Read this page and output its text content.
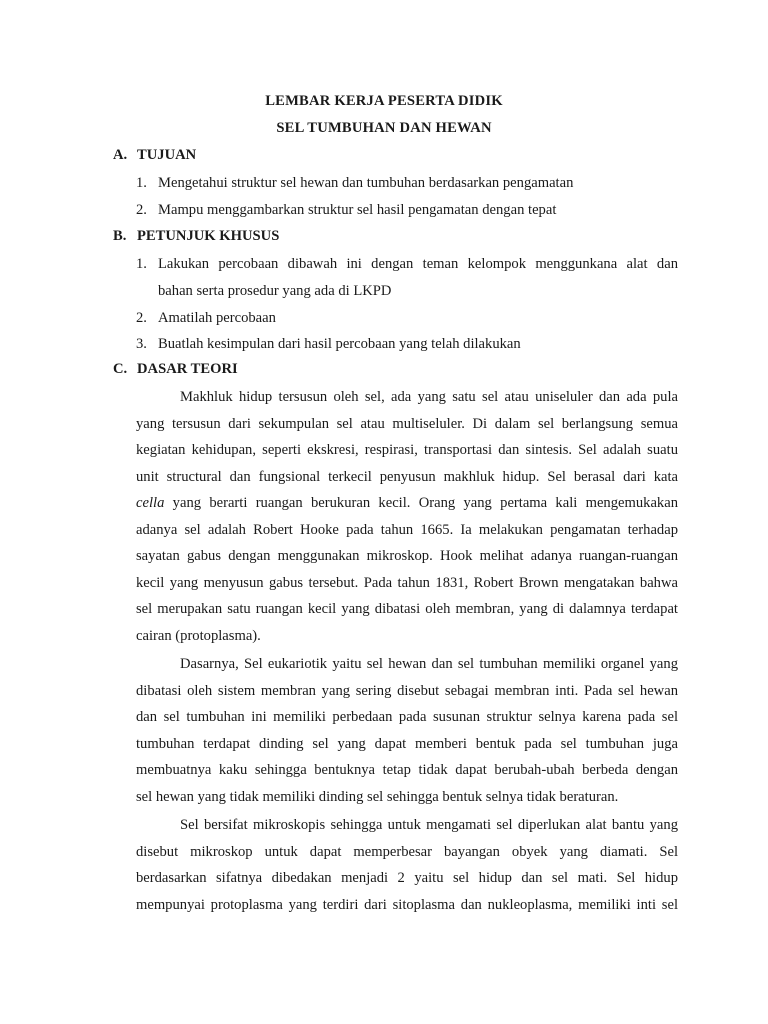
LEMBAR KERJA PESERTA DIDIK
SEL TUMBUHAN DAN HEWAN
A. TUJUAN
1. Mengetahui struktur sel hewan dan tumbuhan berdasarkan pengamatan
2. Mampu menggambarkan struktur sel hasil pengamatan dengan tepat
B. PETUNJUK KHUSUS
1. Lakukan percobaan dibawah ini dengan teman kelompok menggunkana alat dan
bahan serta prosedur yang ada di LKPD
2. Amatilah percobaan
3. Buatlah kesimpulan dari hasil percobaan yang telah dilakukan
C. DASAR TEORI
Makhluk hidup tersusun oleh sel, ada yang satu sel atau uniseluler dan ada pula
yang tersusun dari sekumpulan sel atau multiseluler. Di dalam sel berlangsung semua
kegiatan kehidupan, seperti ekskresi, respirasi, transportasi dan sintesis. Sel adalah suatu
unit structural dan fungsional terkecil penyusun makhluk hidup. Sel berasal dari kata
cella yang berarti ruangan berukuran kecil. Orang yang pertama kali mengemukakan
adanya sel adalah Robert Hooke pada tahun 1665. Ia melakukan pengamatan terhadap
sayatan gabus dengan menggunakan mikroskop. Hook melihat adanya ruangan-ruangan
kecil yang menyusun gabus tersebut. Pada tahun 1831, Robert Brown mengatakan bahwa
sel merupakan satu ruangan kecil yang dibatasi oleh membran, yang di dalamnya terdapat
cairan (protoplasma).
Dasarnya, Sel eukariotik yaitu sel hewan dan sel tumbuhan memiliki organel yang
dibatasi oleh sistem membran yang sering disebut sebagai membran inti. Pada sel hewan
dan sel tumbuhan ini memiliki perbedaan pada susunan struktur selnya karena pada sel
tumbuhan terdapat dinding sel yang dapat memberi bentuk pada sel tumbuhan juga
membuatnya kaku sehingga bentuknya tetap tidak dapat berubah-ubah berbeda dengan
sel hewan yang tidak memiliki dinding sel sehingga bentuk selnya tidak beraturan.
Sel bersifat mikroskopis sehingga untuk mengamati sel diperlukan alat bantu yang
disebut mikroskop untuk dapat memperbesar bayangan obyek yang diamati. Sel
berdasarkan sifatnya dibedakan menjadi 2 yaitu sel hidup dan sel mati. Sel hidup
mempunyai protoplasma yang terdiri dari sitoplasma dan nukleoplasma, memiliki inti sel
